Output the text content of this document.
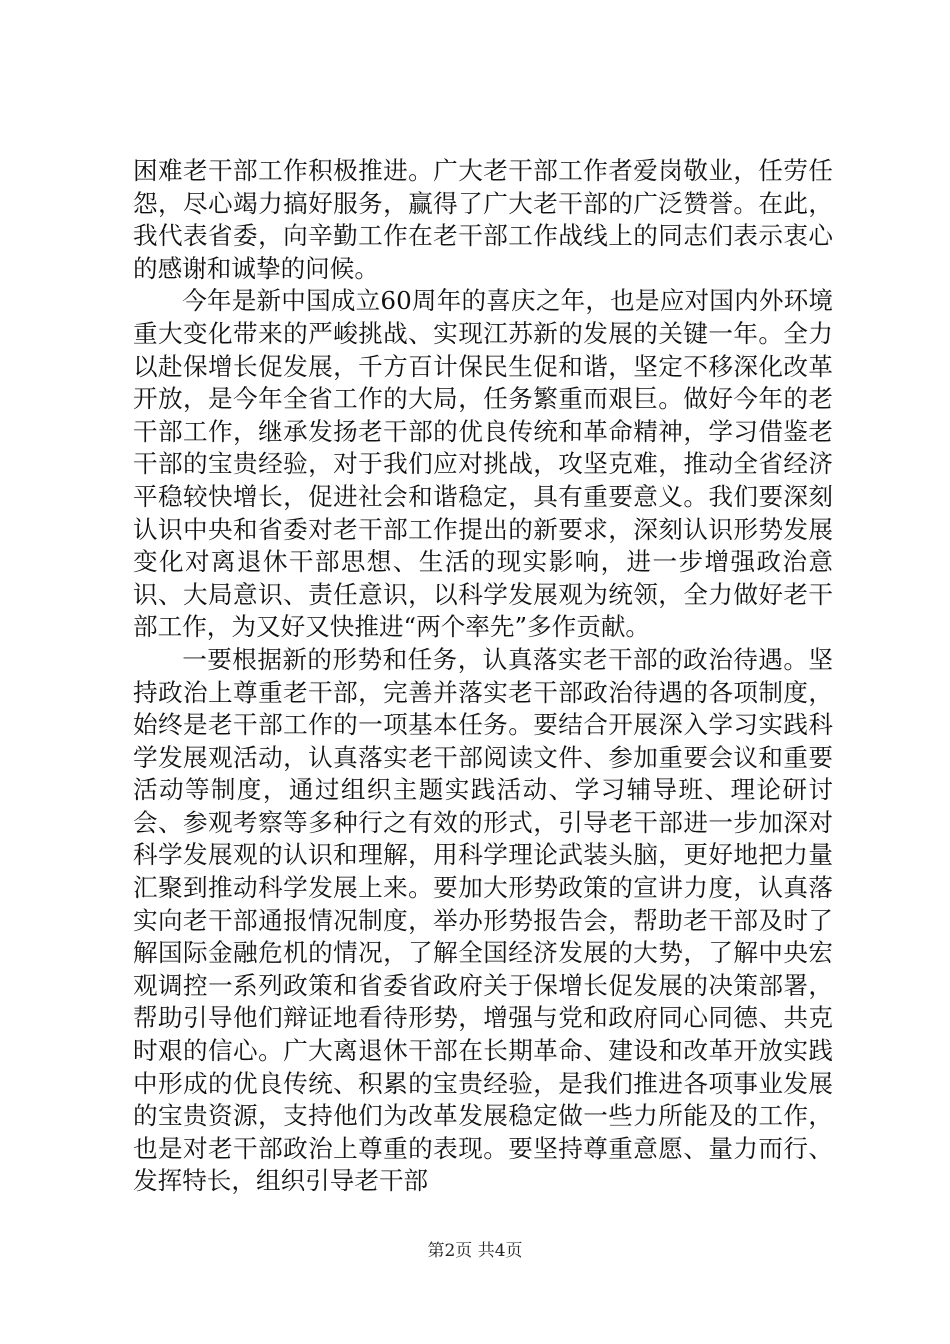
困难老干部工作积极推进。广大老干部工作者爱岗敬业，任劳任怨，尽心竭力搞好服务，赢得了广大老干部的广泛赞誉。在此，我代表省委，向辛勤工作在老干部工作战线上的同志们表示衷心的感谢和诚挚的问候。

今年是新中国成立60周年的喜庆之年，也是应对国内外环境重大变化带来的严峻挑战、实现江苏新的发展的关键一年。全力以赴保增长促发展，千方百计保民生促和谐，坚定不移深化改革开放，是今年全省工作的大局，任务繁重而艰巨。做好今年的老干部工作，继承发扬老干部的优良传统和革命精神，学习借鉴老干部的宝贵经验，对于我们应对挑战，攻坚克难，推动全省经济平稳较快增长，促进社会和谐稳定，具有重要意义。我们要深刻认识中央和省委对老干部工作提出的新要求，深刻认识形势发展变化对离退休干部思想、生活的现实影响，进一步增强政治意识、大局意识、责任意识，以科学发展观为统领，全力做好老干部工作，为又好又快推进“两个率先”多作贡献。

一要根据新的形势和任务，认真落实老干部的政治待遇。坚持政治上尊重老干部，完善并落实老干部政治待遇的各项制度，始终是老干部工作的一项基本任务。要结合开展深入学习实践科学发展观活动，认真落实老干部阅读文件、参加重要会议和重要活动等制度，通过组织主题实践活动、学习辅导班、理论研讨会、参观考察等多种行之有效的形式，引导老干部进一步加深对科学发展观的认识和理解，用科学理论武装头脑，更好地把力量汇聚到推动科学发展上来。要加大形势政策的宣讲力度，认真落实向老干部通报情况制度，举办形势报告会，帮助老干部及时了解国际金融危机的情况，了解全国经济发展的大势，了解中央宏观调控一系列政策和省委省政府关于保增长促发展的决策部署，帮助引导他们辩证地看待形势，增强与党和政府同心同德、共克时艰的信心。广大离退休干部在长期革命、建设和改革开放实践中形成的优良传统、积累的宝贵经验，是我们推进各项事业发展的宝贵资源，支持他们为改革发展稳定做一些力所能及的工作，也是对老干部政治上尊重的表现。要坚持尊重意愿、量力而行、发挥特长，组织引导老干部

第2页 共4页
